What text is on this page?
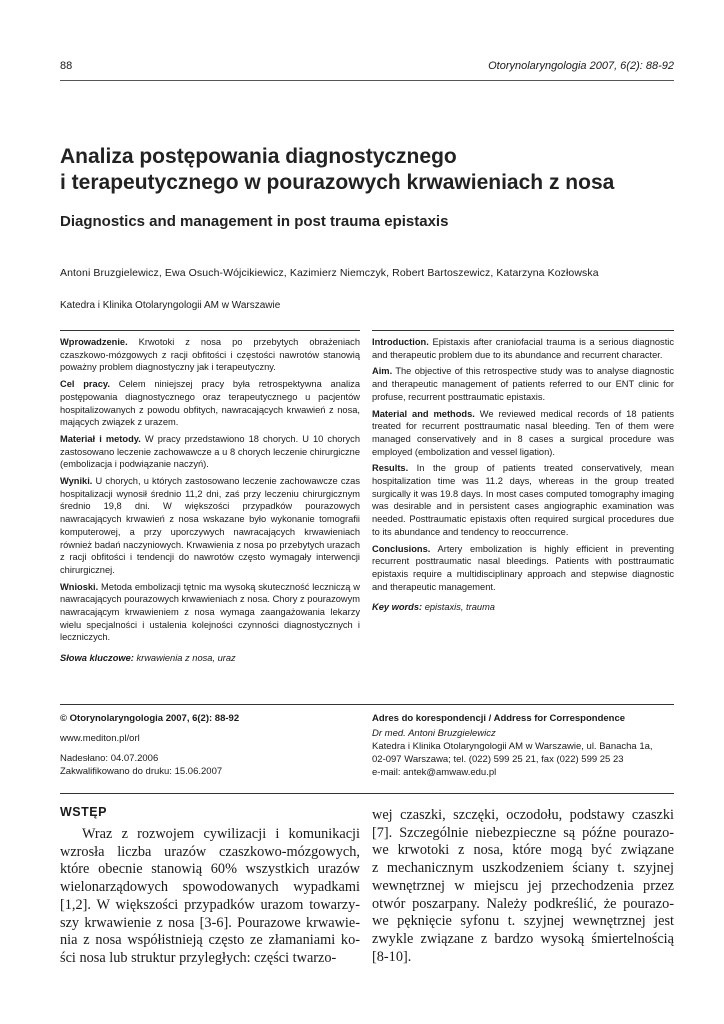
88	Otorynolaryngologia 2007, 6(2): 88-92
Analiza postępowania diagnostycznego
i terapeutycznego w pourazowych krwawieniach z nosa
Diagnostics and management in post trauma epistaxis
Antoni Bruzgielewicz, Ewa Osuch-Wójcikiewicz, Kazimierz Niemczyk, Robert Bartoszewicz, Katarzyna Kozłowska
Katedra i Klinika Otolaryngologii AM w Warszawie

Wprowadzenie. Krwotoki z nosa po przebytych obrażeniach czaszkowo-mózgowych z racji obfitości i częstości nawrotów stanowią poważny problem diagnostyczny jak i terapeutyczny.

Cel pracy. Celem niniejszej pracy była retrospektywna analiza postępowania diagnostycznego oraz terapeutycznego u pacjentów hospitalizowanych z powodu obfitych, nawracających krwawień z nosa, mających związek z urazem.

Materiał i metody. W pracy przedstawiono 18 chorych. U 10 chorych zastosowano leczenie zachowawcze a u 8 chorych leczenie chirurgiczne (embolizacja i podwiązanie naczyń).

Wyniki. U chorych, u których zastosowano leczenie zachowawcze czas hospitalizacji wynosił średnio 11,2 dni, zaś przy leczeniu chirurgicznym średnio 19,8 dni. W większości przypadków pourazowych nawracających krwawień z nosa wskazane było wykonanie tomografii komputerowej, a przy uporczywych nawracających krwawieniach również badań naczyniowych. Krwawienia z nosa po przebytych urazach z racji obfitości i tendencji do nawrotów często wymagały interwencji chirurgicznej.

Wnioski. Metoda embolizacji tętnic ma wysoką skuteczność leczniczą w nawracających pourazowych krwawieniach z nosa. Chory z pourazowym nawracającym krwawieniem z nosa wymaga zaangażowania lekarzy wielu specjalności i ustalenia kolejności czynności diagnostycznych i leczniczych.

Słowa kluczowe: krwawienia z nosa, uraz

Introduction. Epistaxis after craniofacial trauma is a serious diagnostic and therapeutic problem due to its abundance and recurrent character.

Aim. The objective of this retrospective study was to analyse diagnostic and therapeutic management of patients referred to our ENT clinic for profuse, recurrent posttraumatic epistaxis.

Material and methods. We reviewed medical records of 18 patients treated for recurrent posttraumatic nasal bleeding. Ten of them were managed conservatively and in 8 cases a surgical procedure was employed (embolization and vessel ligation).

Results. In the group of patients treated conservatively, mean hospitalization time was 11.2 days, whereas in the group treated surgically it was 19.8 days. In most cases computed tomography imaging was desirable and in persistent cases angiographic examination was needed. Posttraumatic epistaxis often required surgical procedures due to its abundance and tendency to reoccurrence.

Conclusions. Artery embolization is highly efficient in preventing recurrent posttraumatic nasal bleedings. Patients with posttraumatic epistaxis require a multidisciplinary approach and stepwise diagnostic and therapeutic management.

Key words: epistaxis, trauma

© Otorynolaryngologia 2007, 6(2): 88-92
www.mediton.pl/orl
Nadesłano: 04.07.2006
Zakwalifikowano do druku: 15.06.2007
Adres do korespondencji / Address for Correspondence
Dr med. Antoni Bruzgielewicz
Katedra i Klinika Otolaryngologii AM w Warszawie, ul. Banacha 1a,
02-097 Warszawa; tel. (022) 599 25 21, fax (022) 599 25 23
e-mail: antek@amwaw.edu.pl
WSTĘP
Wraz z rozwojem cywilizacji i komunikacji
wzrosła liczba urazów czaszkowo-mózgowych,
które obecnie stanowią 60% wszystkich urazów
wielonarządowych spowodowanych wypadkami
[1,2]. W większości przypadków urazom towarzy-
szy krwawienie z nosa [3-6]. Pourazowe krwawie-
nia z nosa współistnieją często ze złamaniami ko-
ści nosa lub struktur przyległych: części twarzo-
wej czaszki, szczęki, oczodołu, podstawy czaszki
[7]. Szczególnie niebezpieczne są późne pourazo-
we krwotoki z nosa, które mogą być związane
z mechanicznym uszkodzeniem ściany t. szyjnej
wewnętrznej w miejscu jej przechodzenia przez
otwór poszarpany. Należy podkreślić, że pourazo-
we pęknięcie syfonu t. szyjnej wewnętrznej jest
zwykle związane z bardzo wysoką śmiertelnością
[8-10].
